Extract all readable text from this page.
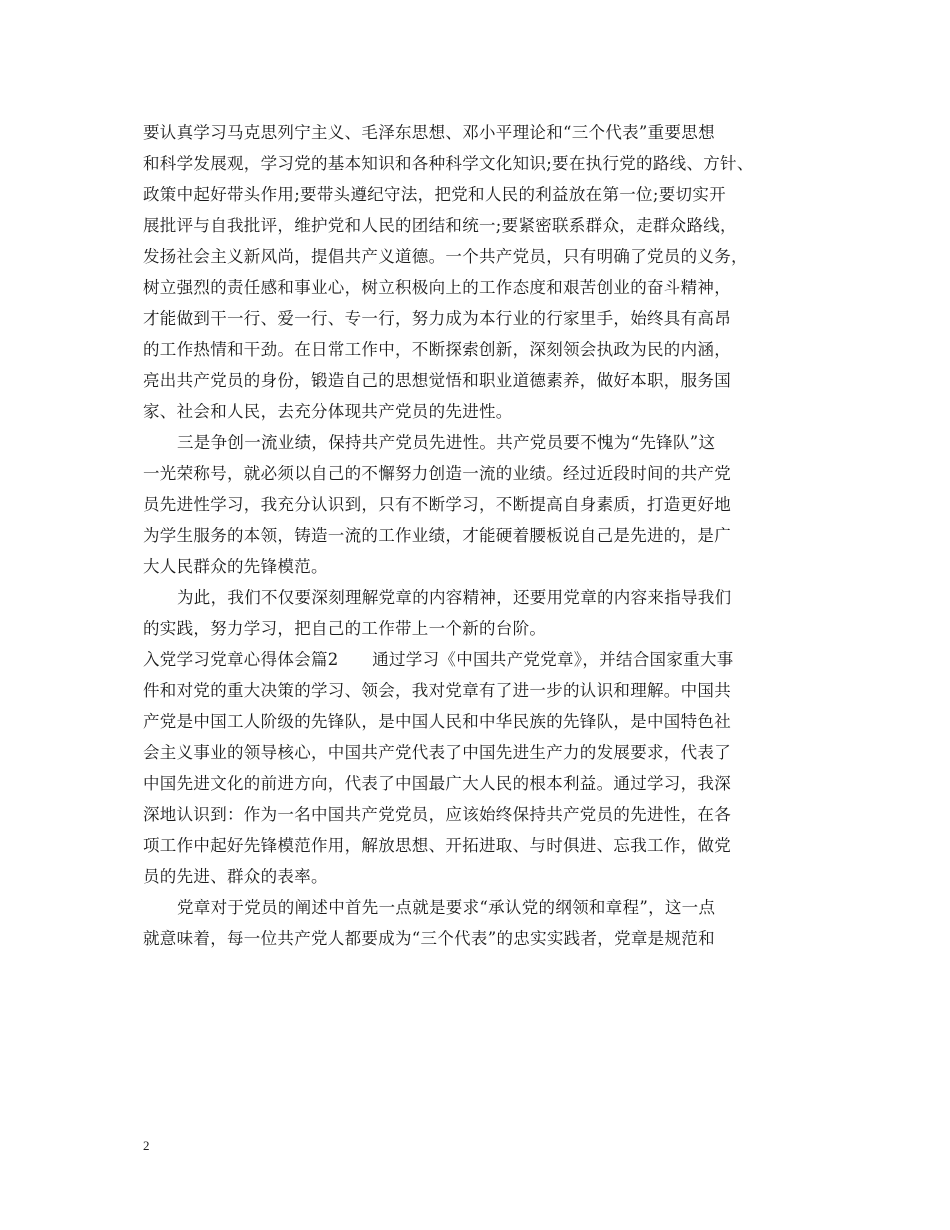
要认真学习马克思列宁主义、毛泽东思想、邓小平理论和“三个代表”重要思想
和科学发展观，学习党的基本知识和各种科学文化知识;要在执行党的路线、方针、
政策中起好带头作用;要带头遵纪守法，把党和人民的利益放在第一位;要切实开
展批评与自我批评，维护党和人民的团结和统一;要紧密联系群众，走群众路线，
发扬社会主义新风尚，提倡共产义道德。一个共产党员，只有明确了党员的义务，
树立强烈的责任感和事业心，树立积极向上的工作态度和艰苦创业的奋斗精神，
才能做到干一行、爱一行、专一行，努力成为本行业的行家里手，始终具有高昂
的工作热情和干劲。在日常工作中，不断探索创新，深刻领会执政为民的内涵，
亮出共产党员的身份，锻造自己的思想觉悟和职业道德素养，做好本职，服务国
家、社会和人民，去充分体现共产党员的先进性。
三是争创一流业绩，保持共产党员先进性。共产党员要不愧为“先锋队”这
一光荣称号，就必须以自己的不懈努力创造一流的业绩。经过近段时间的共产党
员先进性学习，我充分认识到，只有不断学习，不断提高自身素质，打造更好地
为学生服务的本领，铸造一流的工作业绩，才能硬着腰板说自己是先进的，是广
大人民群众的先锋模范。
为此，我们不仅要深刻理解党章的内容精神，还要用党章的内容来指导我们
的实践，努力学习，把自己的工作带上一个新的台阶。
入党学习党章心得体会篇2　　通过学习《中国共产党党章》，并结合国家重大事
件和对党的重大决策的学习、领会，我对党章有了进一步的认识和理解。中国共
产党是中国工人阶级的先锋队，是中国人民和中华民族的先锋队，是中国特色社
会主义事业的领导核心，中国共产党代表了中国先进生产力的发展要求，代表了
中国先进文化的前进方向，代表了中国最广大人民的根本利益。通过学习，我深
深地认识到：作为一名中国共产党党员，应该始终保持共产党员的先进性，在各
项工作中起好先锋模范作用，解放思想、开拓进取、与时俱进、忘我工作，做党
员的先进、群众的表率。
党章对于党员的阐述中首先一点就是要求“承认党的纲领和章程”，这一点
就意味着，每一位共产党人都要成为“三个代表”的忠实实践者，党章是规范和
2
